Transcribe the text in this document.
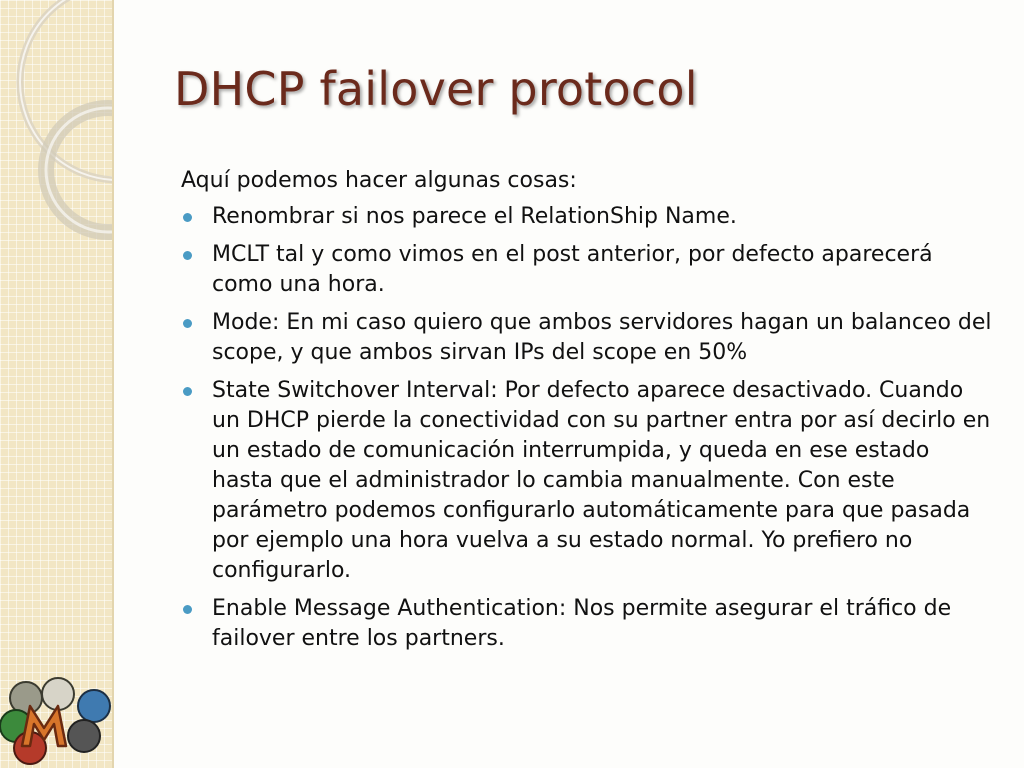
DHCP failover protocol

Aquí podemos hacer algunas cosas:

Renombrar si nos parece el RelationShip Name.
MCLT tal y como vimos en el post anterior, por defecto aparecerá como una hora.
Mode: En mi caso quiero que ambos servidores hagan un balanceo del scope, y que ambos sirvan IPs del scope en 50%
State Switchover Interval: Por defecto aparece desactivado. Cuando un DHCP pierde la conectividad con su partner entra por así decirlo en un estado de comunicación interrumpida, y queda en ese estado hasta que el administrador lo cambia manualmente. Con este parámetro podemos configurarlo automáticamente para que pasada por ejemplo una hora vuelva a su estado normal. Yo prefiero no configurarlo.
Enable Message Authentication: Nos permite asegurar el tráfico de failover entre los partners.
